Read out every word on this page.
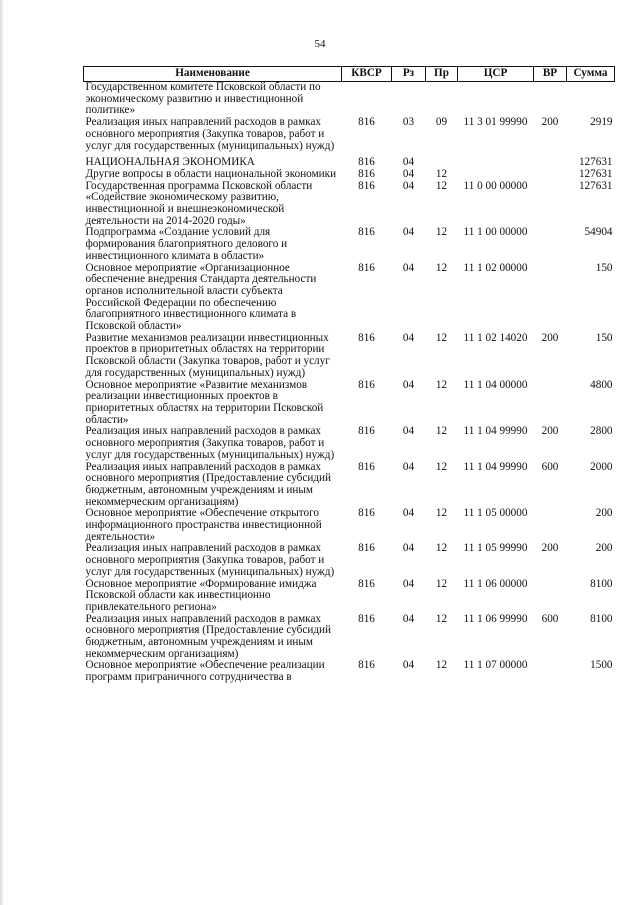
54
Наименование	КВСР	Рз	Пр	ЦСР	ВР	Сумма
Государственном комитете Псковской области по экономическому развитию и инвестиционной политике»						
Реализация иных направлений расходов в рамках основного мероприятия (Закупка товаров, работ и услуг для государственных (муниципальных) нужд)	816	03	09	11 3 01 99990	200	2919
НАЦИОНАЛЬНАЯ ЭКОНОМИКА	816	04				127631
Другие вопросы в области национальной экономики	816	04	12			127631
Государственная программа Псковской области «Содействие экономическому развитию, инвестиционной и внешнеэкономической деятельности на 2014-2020 годы»	816	04	12	11 0 00 00000		127631
Подпрограмма «Создание условий для формирования благоприятного делового и инвестиционного климата в области»	816	04	12	11 1 00 00000		54904
Основное мероприятие «Организационное обеспечение внедрения Стандарта деятельности органов исполнительной власти субъекта Российской Федерации по обеспечению благоприятного инвестиционного климата в Псковской области»	816	04	12	11 1 02 00000		150
Развитие механизмов реализации инвестиционных проектов в приоритетных областях на территории Псковской области (Закупка товаров, работ и услуг для государственных (муниципальных) нужд)	816	04	12	11 1 02 14020	200	150
Основное мероприятие «Развитие механизмов реализации инвестиционных проектов в приоритетных областях на территории Псковской области»	816	04	12	11 1 04 00000		4800
Реализация иных направлений расходов в рамках основного мероприятия (Закупка товаров, работ и услуг для государственных (муниципальных) нужд)	816	04	12	11 1 04 99990	200	2800
Реализация иных направлений расходов в рамках основного мероприятия (Предоставление субсидий бюджетным, автономным учреждениям и иным некоммерческим организациям)	816	04	12	11 1 04 99990	600	2000
Основное мероприятие «Обеспечение открытого информационного пространства инвестиционной деятельности»	816	04	12	11 1 05 00000		200
Реализация иных направлений расходов в рамках основного мероприятия (Закупка товаров, работ и услуг для государственных (муниципальных) нужд)	816	04	12	11 1 05 99990	200	200
Основное мероприятие «Формирование имиджа Псковской области как инвестиционно привлекательного региона»	816	04	12	11 1 06 00000		8100
Реализация иных направлений расходов в рамках основного мероприятия (Предоставление субсидий бюджетным, автономным учреждениям и иным некоммерческим организациям)	816	04	12	11 1 06 99990	600	8100
Основное мероприятие «Обеспечение реализации программ приграничного сотрудничества в	816	04	12	11 1 07 00000		1500
